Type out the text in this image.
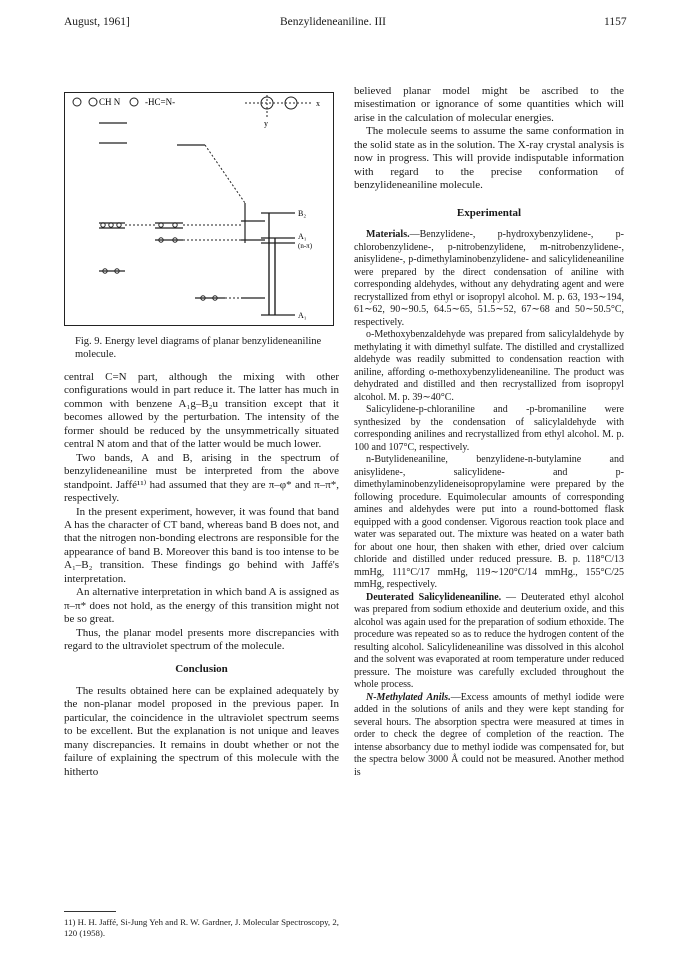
August, 1961]	Benzylideneaniline. III	1157
CH N	-HC=N-	x
y
B₂
A₁
(n-π)
A₁
Fig. 9. Energy level diagrams of planar benzylideneaniline molecule.

central C=N part, although the mixing with other configurations would in part reduce it. The latter has much in common with benzene A₁g–B₂u transition except that it becomes allowed by the perturbation. The intensity of the former should be reduced by the unsymmetrically situated central N atom and that of the latter would be much lower.

Two bands, A and B, arising in the spectrum of benzylideneaniline must be interpreted from the above standpoint. Jaffé¹¹⁾ had assumed that they are π–φ* and π–π*, respectively.

In the present experiment, however, it was found that band A has the character of CT band, whereas band B does not, and that the nitrogen non-bonding electrons are responsible for the appearance of band B. Moreover this band is too intense to be A₁–B₂ transition. These findings go behind with Jaffé's interpretation.

An alternative interpretation in which band A is assigned as π–π* does not hold, as the energy of this transition might not be so great.

Thus, the planar model presents more discrepancies with regard to the ultraviolet spectrum of the molecule.

Conclusion

The results obtained here can be explained adequately by the non-planar model proposed in the previous paper. In particular, the coincidence in the ultraviolet spectrum seems to be excellent. But the explanation is not unique and leaves many discrepancies. It remains in doubt whether or not the failure of explaining the spectrum of this molecule with the hitherto

11) H. H. Jaffé, Si-Jung Yeh and R. W. Gardner, J. Molecular Spectroscopy, 2, 120 (1958).

believed planar model might be ascribed to the misestimation or ignorance of some quantities which will arise in the calculation of molecular energies.

The molecule seems to assume the same conformation in the solid state as in the solution. The X-ray crystal analysis is now in progress. This will provide indisputable information with regard to the precise conformation of benzylideneaniline molecule.

Experimental

Materials.—Benzylidene-, p-hydroxybenzylidene-, p-chlorobenzylidene-, p-nitrobenzylidene, m-nitrobenzylidene-, anisylidene-, p-dimethylaminobenzylidene- and salicylideneaniline were prepared by the direct condensation of aniline with corresponding aldehydes, without any dehydrating agent and were recrystallized from ethyl or isopropyl alcohol. M. p. 63, 193∼194, 61∼62, 90∼90.5, 64.5∼65, 51.5∼52, 67∼68 and 50∼50.5°C, respectively.

o-Methoxybenzaldehyde was prepared from salicylaldehyde by methylating it with dimethyl sulfate. The distilled and crystallized aldehyde was readily submitted to condensation reaction with aniline, affording o-methoxybenzylideneaniline. The product was dehydrated and distilled and then recrystallized from isopropyl alcohol. M. p. 39∼40°C.

Salicylidene-p-chloraniline and -p-bromaniline were synthesized by the condensation of salicylaldehyde with corresponding anilines and recrystallized from ethyl alcohol. M. p. 100 and 107°C, respectively.

n-Butylideneaniline, benzylidene-n-butylamine and anisylidene-, salicylidene- and p-dimethylaminobenzylideneisopropylamine were prepared by the following procedure. Equimolecular amounts of corresponding amines and aldehydes were put into a round-bottomed flask equipped with a good condenser. Vigorous reaction took place and water was separated out. The mixture was heated on a water bath for about one hour, then shaken with ether, dried over calcium chloride and distilled under reduced pressure. B. p. 118°C/13 mmHg, 111°C/17 mmHg, 119∼120°C/14 mmHg., 155°C/25 mmHg, respectively.

Deuterated Salicylideneaniline. — Deuterated ethyl alcohol was prepared from sodium ethoxide and deuterium oxide, and this alcohol was again used for the preparation of sodium ethoxide. The procedure was repeated so as to reduce the hydrogen content of the resulting alcohol. Salicylideneaniline was dissolved in this alcohol and the solvent was evaporated at room temperature under reduced pressure. The moisture was carefully excluded throughout the whole process.

N-Methylated Anils.—Excess amounts of methyl iodide were added in the solutions of anils and they were kept standing for several hours. The absorption spectra were measured at times in order to check the degree of completion of the reaction. The intense absorbancy due to methyl iodide was compensated for, but the spectra below 3000 Å could not be measured. Another method is
